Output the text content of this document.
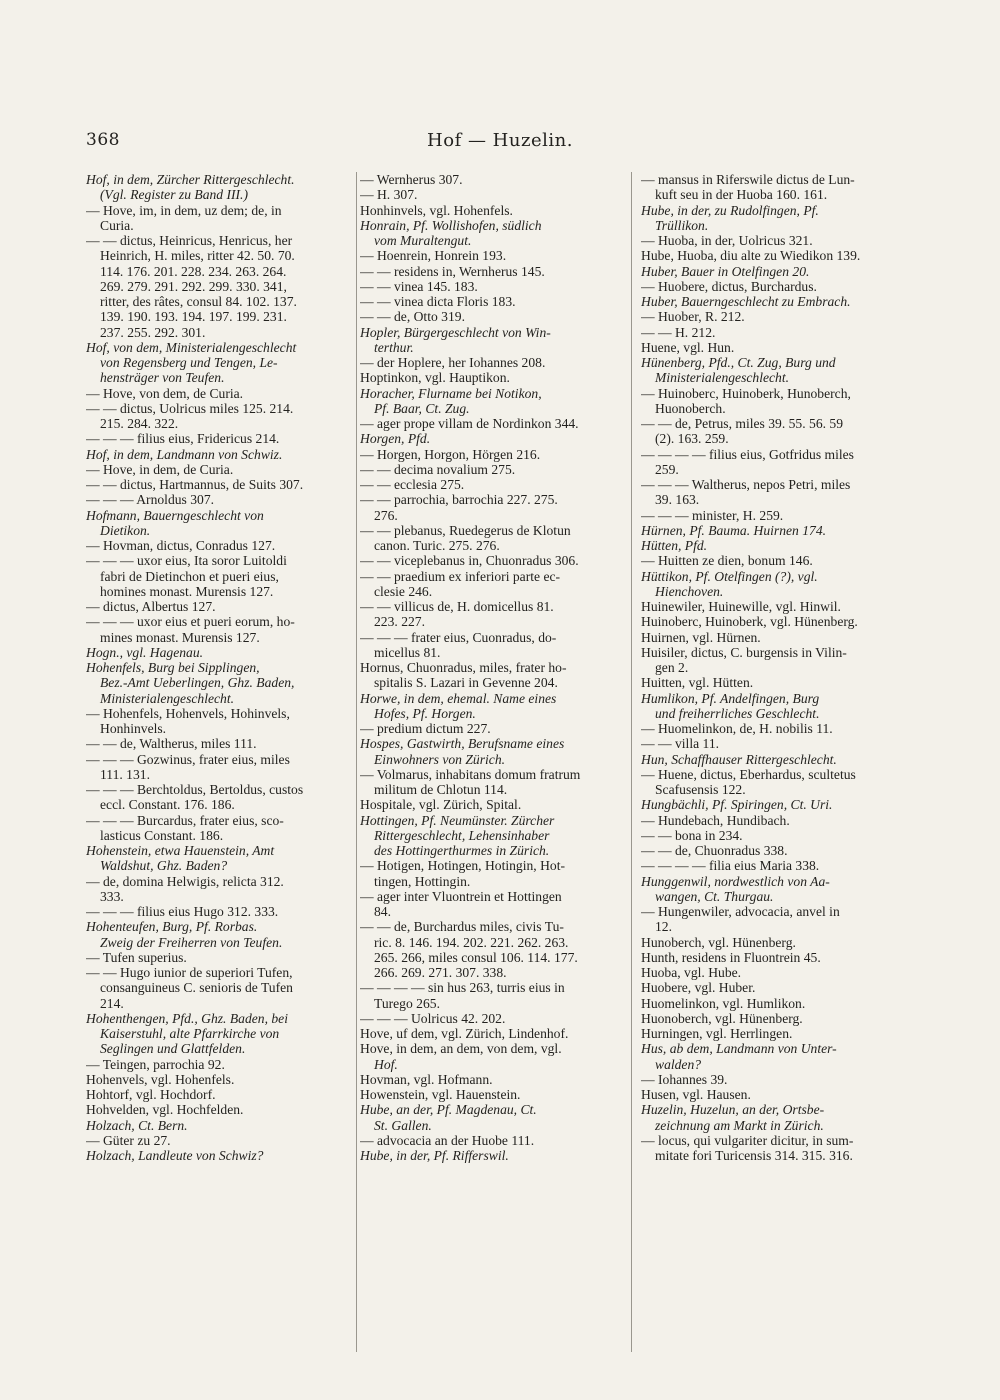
368	Hof — Huzelin.
Hof, in dem, Zürcher Rittergeschlecht.
(Vgl. Register zu Band III.)
— Hove, im, in dem, uz dem; de, in
Curia.
— — dictus, Heinricus, Henricus, her
Heinrich, H. miles, ritter 42. 50. 70.
114. 176. 201. 228. 234. 263. 264.
269. 279. 291. 292. 299. 330. 341,
ritter, des râtes, consul 84. 102. 137.
139. 190. 193. 194. 197. 199. 231.
237. 255. 292. 301.
Hof, von dem, Ministerialengeschlecht
von Regensberg und Tengen, Le-
hensträger von Teufen.
— Hove, von dem, de Curia.
— — dictus, Uolricus miles 125. 214.
215. 284. 322.
— — — filius eius, Fridericus 214.
Hof, in dem, Landmann von Schwiz.
— Hove, in dem, de Curia.
— — dictus, Hartmannus, de Suits 307.
— — — Arnoldus 307.
Hofmann, Bauerngeschlecht von
Dietikon.
— Hovman, dictus, Conradus 127.
— — — uxor eius, Ita soror Luitoldi
fabri de Dietinchon et pueri eius,
homines monast. Murensis 127.
— dictus, Albertus 127.
— — — uxor eius et pueri eorum, ho-
mines monast. Murensis 127.
Hogn., vgl. Hagenau.
Hohenfels, Burg bei Sipplingen,
Bez.-Amt Ueberlingen, Ghz. Baden,
Ministerialengeschlecht.
— Hohenfels, Hohenvels, Hohinvels,
Honhinvels.
— — de, Waltherus, miles 111.
— — — Gozwinus, frater eius, miles
111. 131.
— — — Berchtoldus, Bertoldus, custos
eccl. Constant. 176. 186.
— — — Burcardus, frater eius, sco-
lasticus Constant. 186.
Hohenstein, etwa Hauenstein, Amt
Waldshut, Ghz. Baden?
— de, domina Helwigis, relicta 312.
333.
— — — filius eius Hugo 312. 333.
Hohenteufen, Burg, Pf. Rorbas.
Zweig der Freiherren von Teufen.
— Tufen superius.
— — Hugo iunior de superiori Tufen,
consanguineus C. senioris de Tufen
214.
Hohenthengen, Pfd., Ghz. Baden, bei
Kaiserstuhl, alte Pfarrkirche von
Seglingen und Glattfelden.
— Teingen, parrochia 92.
Hohenvels, vgl. Hohenfels.
Hohtorf, vgl. Hochdorf.
Hohvelden, vgl. Hochfelden.
Holzach, Ct. Bern.
— Güter zu 27.
Holzach, Landleute von Schwiz?
— Wernherus 307.
— H. 307.
Honhinvels, vgl. Hohenfels.
Honrain, Pf. Wollishofen, südlich
vom Muraltengut.
— Hoenrein, Honrein 193.
— — residens in, Wernherus 145.
— — vinea 145. 183.
— — vinea dicta Floris 183.
— — de, Otto 319.
Hopler, Bürgergeschlecht von Win-
terthur.
— der Hoplere, her Iohannes 208.
Hoptinkon, vgl. Hauptikon.
Horacher, Flurname bei Notikon,
Pf. Baar, Ct. Zug.
— ager prope villam de Nordinkon 344.
Horgen, Pfd.
— Horgen, Horgon, Hörgen 216.
— — decima novalium 275.
— — ecclesia 275.
— — parrochia, barrochia 227. 275.
276.
— — plebanus, Ruedegerus de Klotun
canon. Turic. 275. 276.
— — viceplebanus in, Chuonradus 306.
— — praedium ex inferiori parte ec-
clesie 246.
— — villicus de, H. domicellus 81.
223. 227.
— — — frater eius, Cuonradus, do-
micellus 81.
Hornus, Chuonradus, miles, frater ho-
spitalis S. Lazari in Gevenne 204.
Horwe, in dem, ehemal. Name eines
Hofes, Pf. Horgen.
— predium dictum 227.
Hospes, Gastwirth, Berufsname eines
Einwohners von Zürich.
— Volmarus, inhabitans domum fratrum
militum de Chlotun 114.
Hospitale, vgl. Zürich, Spital.
Hottingen, Pf. Neumünster. Zürcher
Rittergeschlecht, Lehensinhaber
des Hottingerthurmes in Zürich.
— Hotigen, Hotingen, Hotingin, Hot-
tingen, Hottingin.
— ager inter Vluontrein et Hottingen
84.
— — de, Burchardus miles, civis Tu-
ric. 8. 146. 194. 202. 221. 262. 263.
265. 266, miles consul 106. 114. 177.
266. 269. 271. 307. 338.
— — — — sin hus 263, turris eius in
Turego 265.
— — — Uolricus 42. 202.
Hove, uf dem, vgl. Zürich, Lindenhof.
Hove, in dem, an dem, von dem, vgl.
Hof.
Hovman, vgl. Hofmann.
Howenstein, vgl. Hauenstein.
Hube, an der, Pf. Magdenau, Ct.
St. Gallen.
— advocacia an der Huobe 111.
Hube, in der, Pf. Rifferswil.
— mansus in Riferswile dictus de Lun-
kuft seu in der Huoba 160. 161.
Hube, in der, zu Rudolfingen, Pf.
Trüllikon.
— Huoba, in der, Uolricus 321.
Hube, Huoba, diu alte zu Wiedikon 139.
Huber, Bauer in Otelfingen 20.
— Huobere, dictus, Burchardus.
Huber, Bauerngeschlecht zu Embrach.
— Huober, R. 212.
— — H. 212.
Huene, vgl. Hun.
Hünenberg, Pfd., Ct. Zug, Burg und
Ministerialengeschlecht.
— Huinoberc, Huinoberk, Hunoberch,
Huonoberch.
— — de, Petrus, miles 39. 55. 56. 59
(2). 163. 259.
— — — — filius eius, Gotfridus miles
259.
— — — Waltherus, nepos Petri, miles
39. 163.
— — — minister, H. 259.
Hürnen, Pf. Bauma. Huirnen 174.
Hütten, Pfd.
— Huitten ze dien, bonum 146.
Hüttikon, Pf. Otelfingen (?), vgl.
Hienchoven.
Huinewiler, Huinewille, vgl. Hinwil.
Huinoberc, Huinoberk, vgl. Hünenberg.
Huirnen, vgl. Hürnen.
Huisiler, dictus, C. burgensis in Vilin-
gen 2.
Huitten, vgl. Hütten.
Humlikon, Pf. Andelfingen, Burg
und freiherrliches Geschlecht.
— Huomelinkon, de, H. nobilis 11.
— — villa 11.
Hun, Schaffhauser Rittergeschlecht.
— Huene, dictus, Eberhardus, scultetus
Scafusensis 122.
Hungbächli, Pf. Spiringen, Ct. Uri.
— Hundebach, Hundibach.
— — bona in 234.
— — de, Chuonradus 338.
— — — — filia eius Maria 338.
Hunggenwil, nordwestlich von Aa-
wangen, Ct. Thurgau.
— Hungenwiler, advocacia, anvel in
12.
Hunoberch, vgl. Hünenberg.
Hunth, residens in Fluontrein 45.
Huoba, vgl. Hube.
Huobere, vgl. Huber.
Huomelinkon, vgl. Humlikon.
Huonoberch, vgl. Hünenberg.
Hurningen, vgl. Herrlingen.
Hus, ab dem, Landmann von Unter-
walden?
— Iohannes 39.
Husen, vgl. Hausen.
Huzelin, Huzelun, an der, Ortsbe-
zeichnung am Markt in Zürich.
— locus, qui vulgariter dicitur, in sum-
mitate fori Turicensis 314. 315. 316.
